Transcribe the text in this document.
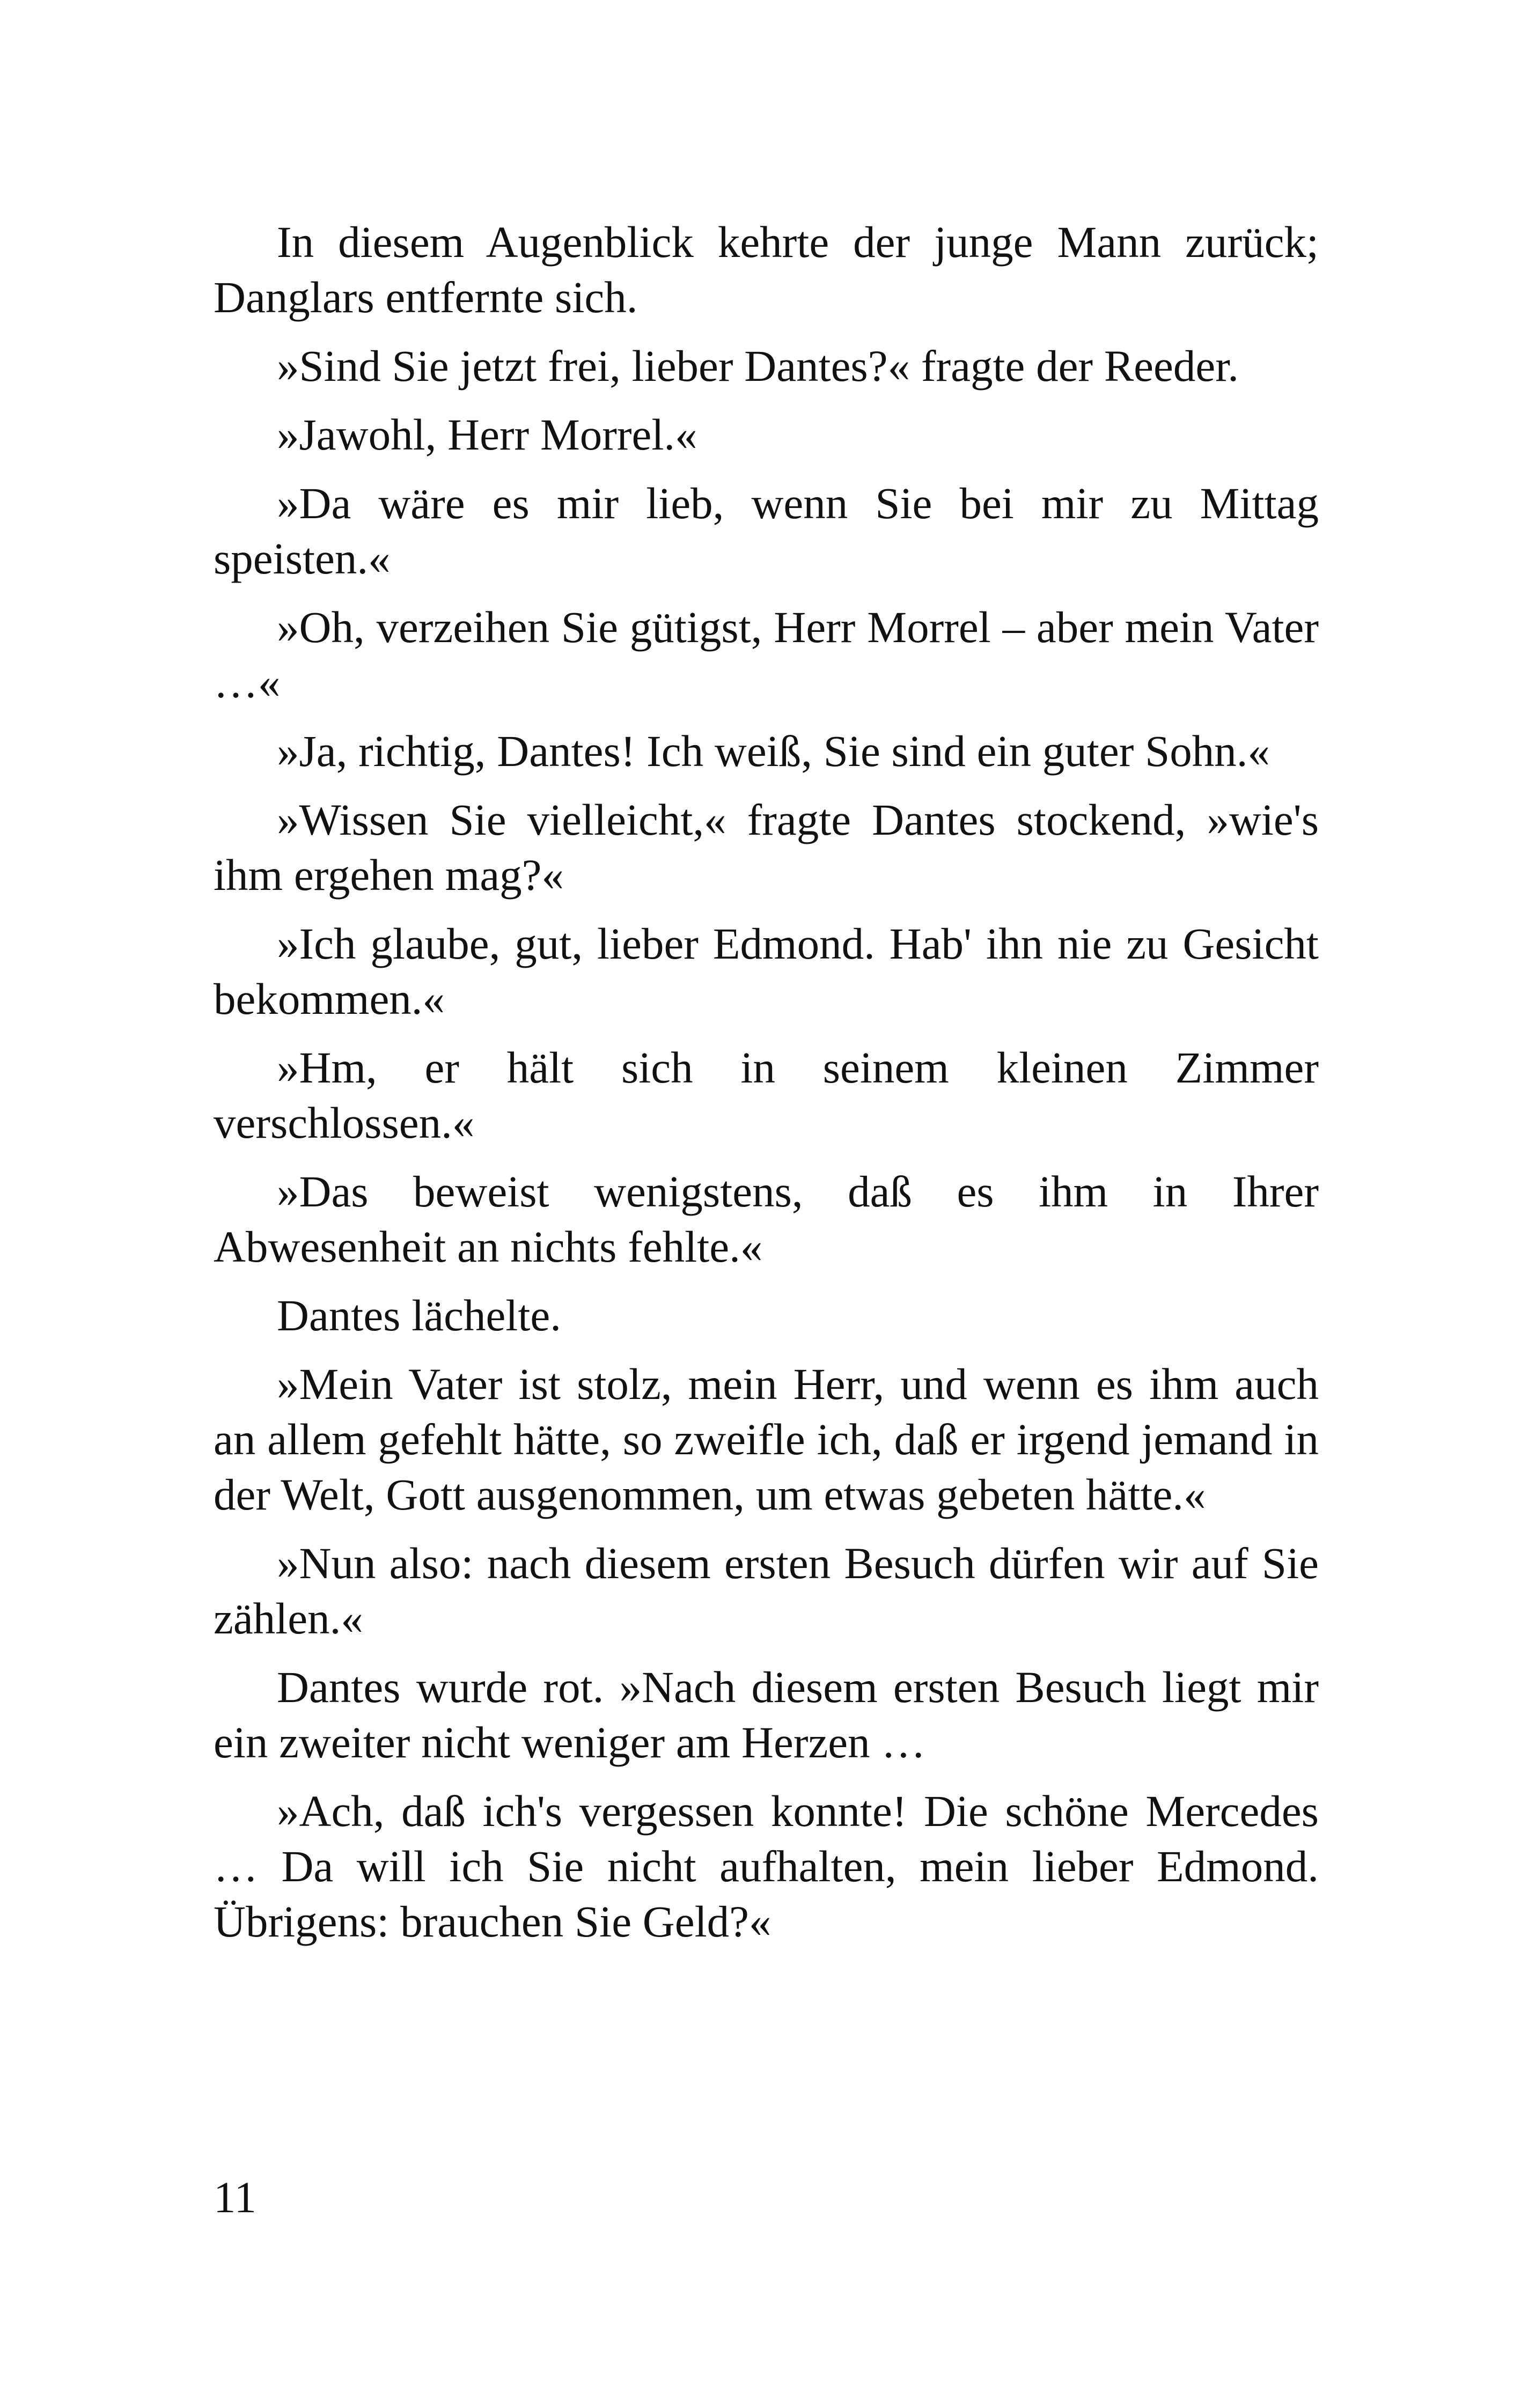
In diesem Augenblick kehrte der junge Mann zurück; Danglars entfernte sich.

»Sind Sie jetzt frei, lieber Dantes?« fragte der Reeder.

»Jawohl, Herr Morrel.«

»Da wäre es mir lieb, wenn Sie bei mir zu Mittag speisten.«

»Oh, verzeihen Sie gütigst, Herr Morrel – aber mein Vater …«

»Ja, richtig, Dantes! Ich weiß, Sie sind ein guter Sohn.«

»Wissen Sie vielleicht,« fragte Dantes stockend, »wie's ihm ergehen mag?«

»Ich glaube, gut, lieber Edmond. Hab' ihn nie zu Gesicht bekommen.«

»Hm, er hält sich in seinem kleinen Zimmer verschlossen.«

»Das beweist wenigstens, daß es ihm in Ihrer Abwesenheit an nichts fehlte.«

Dantes lächelte.

»Mein Vater ist stolz, mein Herr, und wenn es ihm auch an allem gefehlt hätte, so zweifle ich, daß er irgend jemand in der Welt, Gott ausgenommen, um etwas gebeten hätte.«

»Nun also: nach diesem ersten Besuch dürfen wir auf Sie zählen.«

Dantes wurde rot. »Nach diesem ersten Besuch liegt mir ein zweiter nicht weniger am Herzen …

»Ach, daß ich's vergessen konnte! Die schöne Mercedes … Da will ich Sie nicht aufhalten, mein lieber Edmond. Übrigens: brauchen Sie Geld?«

11
